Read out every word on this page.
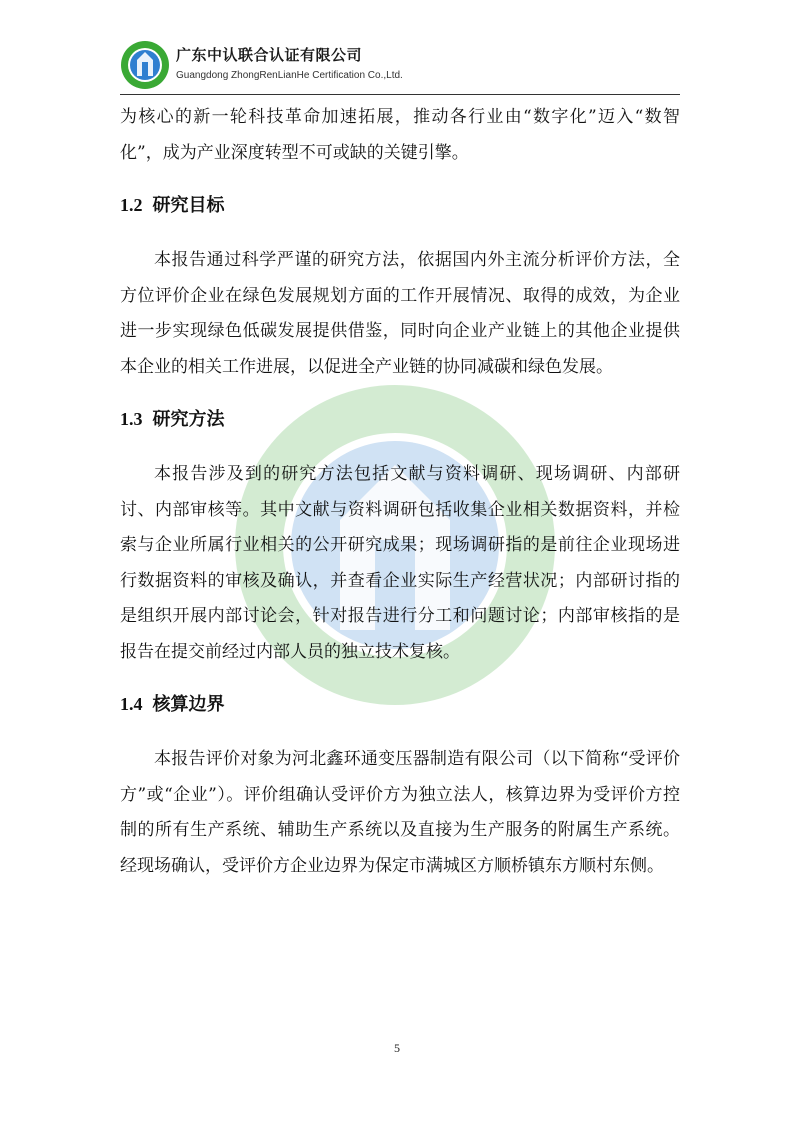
广东中认联合认证有限公司
Guangdong ZhongRenLianHe Certification Co.,Ltd.

为核心的新一轮科技革命加速拓展，推动各行业由“数字化”迈入“数智化”，成为产业深度转型不可或缺的关键引擎。

1.2 研究目标

本报告通过科学严谨的研究方法，依据国内外主流分析评价方法，全方位评价企业在绿色发展规划方面的工作开展情况、取得的成效，为企业进一步实现绿色低碳发展提供借鉴，同时向企业产业链上的其他企业提供本企业的相关工作进展，以促进全产业链的协同减碳和绿色发展。

1.3 研究方法

本报告涉及到的研究方法包括文献与资料调研、现场调研、内部研讨、内部审核等。其中文献与资料调研包括收集企业相关数据资料，并检索与企业所属行业相关的公开研究成果；现场调研指的是前往企业现场进行数据资料的审核及确认，并查看企业实际生产经营状况；内部研讨指的是组织开展内部讨论会，针对报告进行分工和问题讨论；内部审核指的是报告在提交前经过内部人员的独立技术复核。

1.4 核算边界

本报告评价对象为河北鑫环通变压器制造有限公司（以下简称“受评价方”或“企业”）。评价组确认受评价方为独立法人，核算边界为受评价方控制的所有生产系统、辅助生产系统以及直接为生产服务的附属生产系统。经现场确认，受评价方企业边界为保定市满城区方顺桥镇东方顺村东侧。

5
